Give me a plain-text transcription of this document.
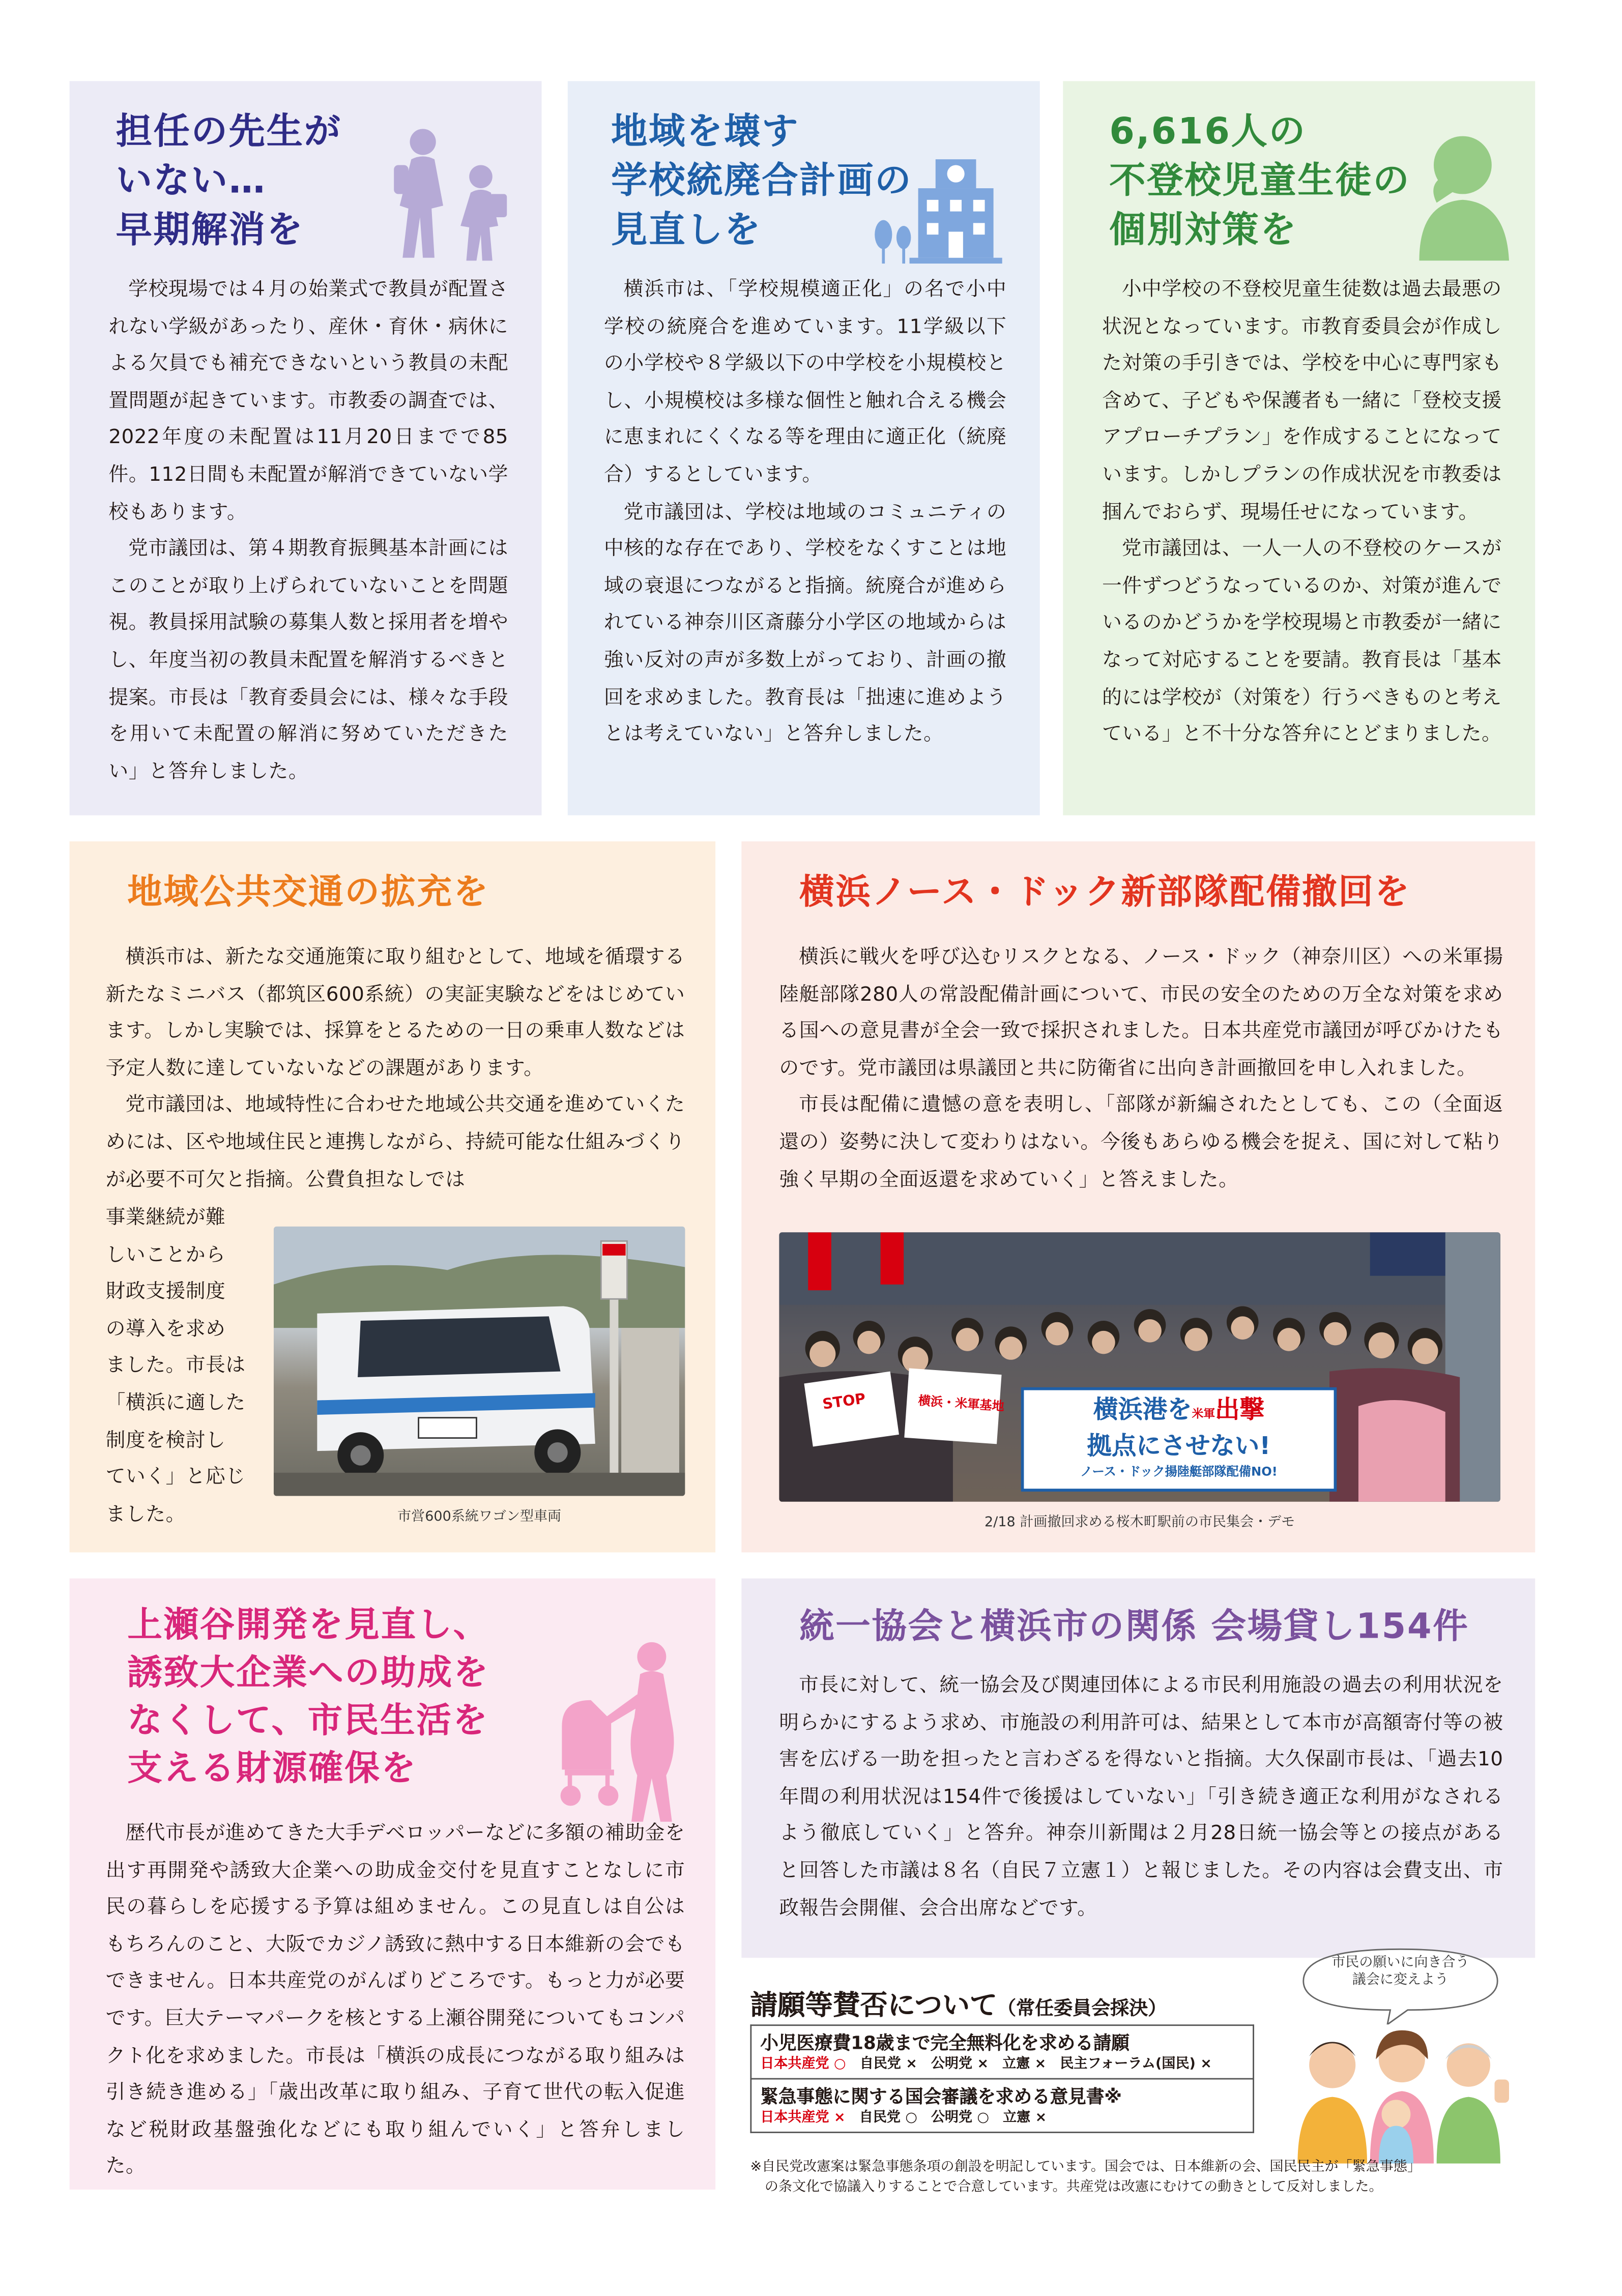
担任の先生が
いない…
早期解消を

学校現場では４月の始業式で教員が配置されない学級があったり、産休・育休・病休による欠員でも補充できないという教員の未配置問題が起きています。市教委の調査では、2022年度の未配置は11月20日までで85件。112日間も未配置が解消できていない学校もあります。

党市議団は、第４期教育振興基本計画にはこのことが取り上げられていないことを問題視。教員採用試験の募集人数と採用者を増やし、年度当初の教員未配置を解消するべきと提案。市長は「教育委員会には、様々な手段を用いて未配置の解消に努めていただきたい」と答弁しました。

地域を壊す
学校統廃合計画の
見直しを

横浜市は、「学校規模適正化」の名で小中学校の統廃合を進めています。11学級以下の小学校や８学級以下の中学校を小規模校とし、小規模校は多様な個性と触れ合える機会に恵まれにくくなる等を理由に適正化（統廃合）するとしています。

党市議団は、学校は地域のコミュニティの中核的な存在であり、学校をなくすことは地域の衰退につながると指摘。統廃合が進められている神奈川区斎藤分小学区の地域からは強い反対の声が多数上がっており、計画の撤回を求めました。教育長は「拙速に進めようとは考えていない」と答弁しました。

6,616人の
不登校児童生徒の
個別対策を

小中学校の不登校児童生徒数は過去最悪の状況となっています。市教育委員会が作成した対策の手引きでは、学校を中心に専門家も含めて、子どもや保護者も一緒に「登校支援アプローチプラン」を作成することになっています。しかしプランの作成状況を市教委は掴んでおらず、現場任せになっています。

党市議団は、一人一人の不登校のケースが一件ずつどうなっているのか、対策が進んでいるのかどうかを学校現場と市教委が一緒になって対応することを要請。教育長は「基本的には学校が（対策を）行うべきものと考えている」と不十分な答弁にとどまりました。

地域公共交通の拡充を

横浜市は、新たな交通施策に取り組むとして、地域を循環する新たなミニバス（都筑区600系統）の実証実験などをはじめています。しかし実験では、採算をとるための一日の乗車人数などは予定人数に達していないなどの課題があります。

党市議団は、地域特性に合わせた地域公共交通を進めていくためには、区や地域住民と連携しながら、持続可能な仕組みづくりが必要不可欠と指摘。公費負担なしでは

事業継続が難
しいことから
財政支援制度
の導入を求め
ました。市長は
「横浜に適した
制度を検討し
ていく」と応じ
ました。	市営600系統ワゴン型車両
横浜ノース・ドック新部隊配備撤回を

横浜に戦火を呼び込むリスクとなる、ノース・ドック（神奈川区）への米軍揚陸艇部隊280人の常設配備計画について、市民の安全のための万全な対策を求める国への意見書が全会一致で採択されました。日本共産党市議団が呼びかけたものです。党市議団は県議団と共に防衛省に出向き計画撤回を申し入れました。

市長は配備に遺憾の意を表明し、「部隊が新編されたとしても、この（全面返還の）姿勢に決して変わりはない。今後もあらゆる機会を捉え、国に対して粘り強く早期の全面返還を求めていく」と答えました。

STOP	横浜・米軍基地	横浜港を米軍出撃
拠点にさせない!
ノース・ドック揚陸艇部隊配備NO!
2/18 計画撤回求める桜木町駅前の市民集会・デモ
上瀬谷開発を見直し、
誘致大企業への助成を
なくして、市民生活を
支える財源確保を

歴代市長が進めてきた大手デベロッパーなどに多額の補助金を出す再開発や誘致大企業への助成金交付を見直すことなしに市民の暮らしを応援する予算は組めません。この見直しは自公はもちろんのこと、大阪でカジノ誘致に熱中する日本維新の会でもできません。日本共産党のがんばりどころです。もっと力が必要です。巨大テーマパークを核とする上瀬谷開発についてもコンパクト化を求めました。市長は「横浜の成長につながる取り組みは引き続き進める」「歳出改革に取り組み、子育て世代の転入促進など税財政基盤強化などにも取り組んでいく」と答弁しました。

統一協会と横浜市の関係 会場貸し154件

市長に対して、統一協会及び関連団体による市民利用施設の過去の利用状況を明らかにするよう求め、市施設の利用許可は、結果として本市が高額寄付等の被害を広げる一助を担ったと言わざるを得ないと指摘。大久保副市長は、「過去10年間の利用状況は154件で後援はしていない」「引き続き適正な利用がなされるよう徹底していく」と答弁。神奈川新聞は２月28日統一協会等との接点があると回答した市議は８名（自民７立憲１）と報じました。その内容は会費支出、市政報告会開催、会合出席などです。

請願等賛否について（常任委員会採決）
小児医療費18歳まで完全無料化を求める請願
日本共産党 ○　	自民党 ×　公明党 ×　立憲 ×　民主フォーラム(国民) ×

緊急事態に関する国会審議を求める意見書※
日本共産党 ×　	自民党 ○　公明党 ○　立憲 ×
市民の願いに向き合う
議会に変えよう
※自民党改憲案は緊急事態条項の創設を明記しています。国会では、日本維新の会、国民民主が「緊急事態」
の条文化で協議入りすることで合意しています。共産党は改憲にむけての動きとして反対しました。
